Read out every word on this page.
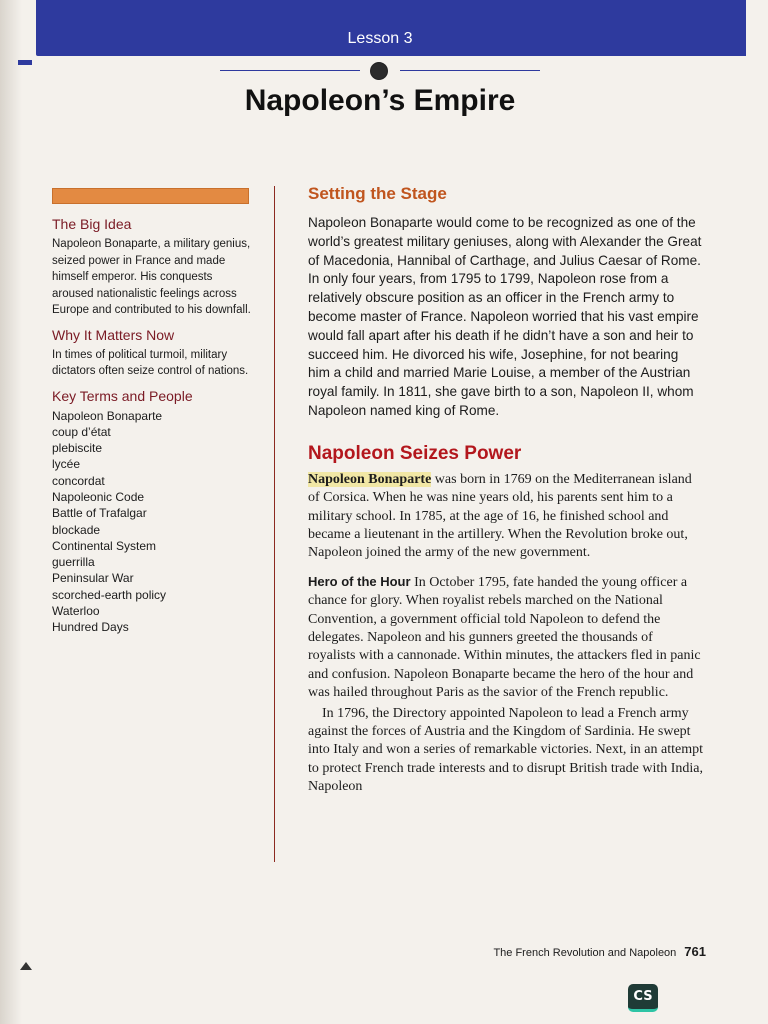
Lesson 3
Napoleon’s Empire
The Big Idea

Napoleon Bonaparte, a military genius, seized power in France and made himself emperor. His conquests aroused nationalistic feelings across Europe and contributed to his downfall.

Why It Matters Now

In times of political turmoil, military dictators often seize control of nations.

Key Terms and People
Napoleon Bonaparte
coup d’état
plebiscite
lycée
concordat
Napoleonic Code
Battle of Trafalgar
blockade
Continental System
guerrilla
Peninsular War
scorched-earth policy
Waterloo
Hundred Days
Setting the Stage

Napoleon Bonaparte would come to be recognized as one of the world’s greatest military geniuses, along with Alexander the Great of Macedonia, Hannibal of Carthage, and Julius Caesar of Rome. In only four years, from 1795 to 1799, Napoleon rose from a relatively obscure position as an officer in the French army to become master of France. Napoleon worried that his vast empire would fall apart after his death if he didn’t have a son and heir to succeed him. He divorced his wife, Josephine, for not bearing him a child and married Marie Louise, a member of the Austrian royal family. In 1811, she gave birth to a son, Napoleon II, whom Napoleon named king of Rome.

Napoleon Seizes Power

Napoleon Bonaparte was born in 1769 on the Mediterranean island of Corsica. When he was nine years old, his parents sent him to a military school. In 1785, at the age of 16, he finished school and became a lieutenant in the artillery. When the Revolution broke out, Napoleon joined the army of the new government.

Hero of the Hour In October 1795, fate handed the young officer a chance for glory. When royalist rebels marched on the National Convention, a government official told Napoleon to defend the delegates. Napoleon and his gunners greeted the thousands of royalists with a cannonade. Within minutes, the attackers fled in panic and confusion. Napoleon Bonaparte became the hero of the hour and was hailed throughout Paris as the savior of the French republic.

In 1796, the Directory appointed Napoleon to lead a French army against the forces of Austria and the Kingdom of Sardinia. He swept into Italy and won a series of remarkable victories. Next, in an attempt to protect French trade interests and to disrupt British trade with India, Napoleon

The French Revolution and Napoleon 761
CS
